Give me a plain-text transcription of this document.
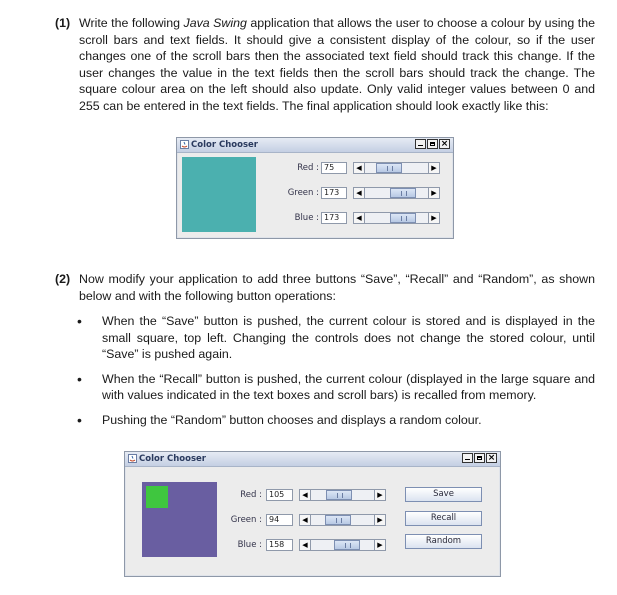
(1) Write the following Java Swing application that allows the user to choose a colour by using the scroll bars and text fields. It should give a consistent display of the colour, so if the user changes one of the scroll bars then the associated text field should track this change. If the user changes the value in the text fields then the scroll bars should track the change. The square colour area on the left should also update. Only valid integer values between 0 and 255 can be entered in the text fields. The final application should look exactly like this:
Color Chooser	×
Red : 75	◀	▶
Green : 173	◀	▶
Blue : 173	◀	▶
(2) Now modify your application to add three buttons “Save”, “Recall” and “Random”, as shown below and with the following button operations:
• When the “Save” button is pushed, the current colour is stored and is displayed in the small square, top left. Changing the controls does not change the stored colour, until “Save” is pushed again.
• When the “Recall” button is pushed, the current colour (displayed in the large square and with values indicated in the text boxes and scroll bars) is recalled from memory.
• Pushing the “Random” button chooses and displays a random colour.
Color Chooser	×
Red : 105	◀	▶
Green : 94	◀	▶
Blue : 158	◀	▶
Save
Recall
Random
